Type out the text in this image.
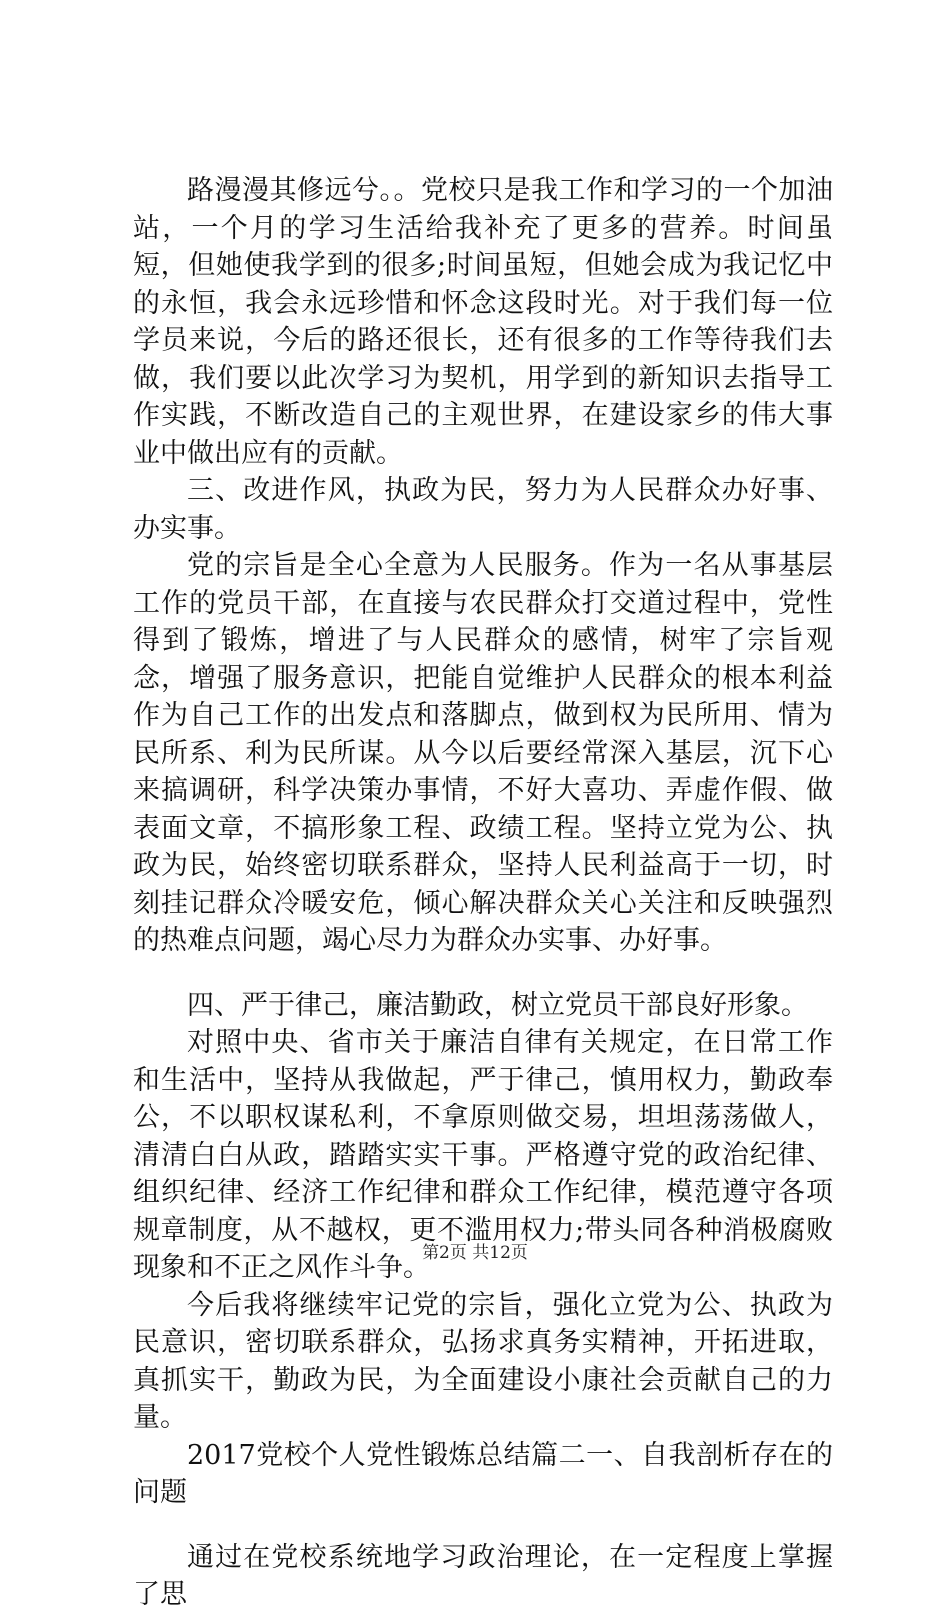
路漫漫其修远兮。。党校只是我工作和学习的一个加油站，一个月的学习生活给我补充了更多的营养。时间虽短，但她使我学到的很多;时间虽短，但她会成为我记忆中的永恒，我会永远珍惜和怀念这段时光。对于我们每一位学员来说，今后的路还很长，还有很多的工作等待我们去做，我们要以此次学习为契机，用学到的新知识去指导工作实践，不断改造自己的主观世界，在建设家乡的伟大事业中做出应有的贡献。

三、改进作风，执政为民，努力为人民群众办好事、办实事。

党的宗旨是全心全意为人民服务。作为一名从事基层工作的党员干部，在直接与农民群众打交道过程中，党性得到了锻炼，增进了与人民群众的感情，树牢了宗旨观念，增强了服务意识，把能自觉维护人民群众的根本利益作为自己工作的出发点和落脚点，做到权为民所用、情为民所系、利为民所谋。从今以后要经常深入基层，沉下心来搞调研，科学决策办事情，不好大喜功、弄虚作假、做表面文章，不搞形象工程、政绩工程。坚持立党为公、执政为民，始终密切联系群众，坚持人民利益高于一切，时刻挂记群众冷暖安危，倾心解决群众关心关注和反映强烈的热难点问题，竭心尽力为群众办实事、办好事。

四、严于律己，廉洁勤政，树立党员干部良好形象。

对照中央、省市关于廉洁自律有关规定，在日常工作和生活中，坚持从我做起，严于律己，慎用权力，勤政奉公，不以职权谋私利，不拿原则做交易，坦坦荡荡做人，清清白白从政，踏踏实实干事。严格遵守党的政治纪律、组织纪律、经济工作纪律和群众工作纪律，模范遵守各项规章制度，从不越权，更不滥用权力;带头同各种消极腐败现象和不正之风作斗争。

今后我将继续牢记党的宗旨，强化立党为公、执政为民意识，密切联系群众，弘扬求真务实精神，开拓进取，真抓实干，勤政为民，为全面建设小康社会贡献自己的力量。

2017党校个人党性锻炼总结篇二一、自我剖析存在的问题

通过在党校系统地学习政治理论，在一定程度上掌握了思

第2页 共12页
